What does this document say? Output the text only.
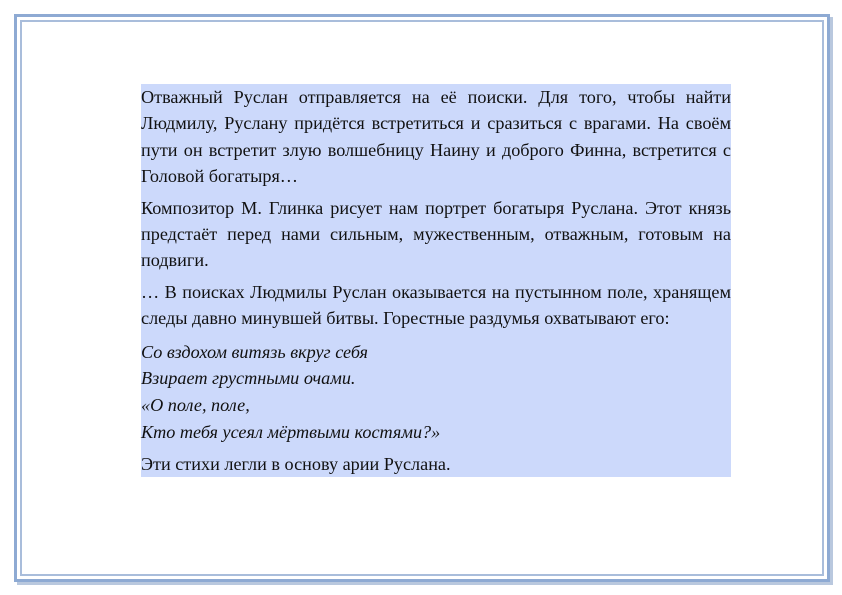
Отважный Руслан отправляется на её поиски. Для того, чтобы найти Людмилу, Руслану придётся встретиться и сразиться с врагами. На своём пути он встретит злую волшебницу Наину и доброго Финна, встретится с Головой богатыря…

Композитор М. Глинка рисует нам портрет богатыря Руслана. Этот князь предстаёт перед нами сильным, мужественным, отважным, готовым на подвиги.

… В поисках Людмилы Руслан оказывается на пустынном поле, хранящем следы давно минувшей битвы. Горестные раздумья охватывают его:

Со вздохом витязь вкруг себя
Взирает грустными очами.
«О поле, поле,
Кто тебя усеял мёртвыми костями?»

Эти стихи легли в основу арии Руслана.
